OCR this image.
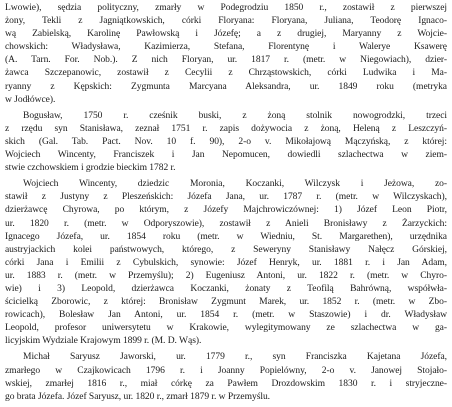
Lwowie), sędzia polityczny, zmarły w Podegrodziu 1850 r., zostawił z pierwszej
żony, Tekli z Jagniątkowskich, córki Floryana: Floryana, Juliana, Teodorę Ignaco-
wą Zabielską, Karolinę Pawłowską i Józefę; a z drugiej, Maryanny z Wojcie-
chowskich: Władysława, Kazimierza, Stefana, Florentynę i Walerye Ksawerę
(A. Tarn. For. Nob.). Z nich Floryan, ur. 1817 r. (metr. w Niegowiach), dzier-
żawca Szczepanowic, zostawił z Cecylii z Chrząstowskich, córki Ludwika i Ma-
ryanny z Kępskich: Zygmunta Marcyana Aleksandra, ur. 1849 roku (metryka
w Jodłówce).
Bogusław, 1750 r. cześnik buski, z żoną stolnik nowogrodzki, trzeci
z rzędu syn Stanisława, zeznał 1751 r. zapis dożywocia z żoną, Heleną z Leszczyń-
skich (Gal. Tab. Pact. Nov. 10 f. 90), 2-o v. Mikołajową Mączyńską, z której:
Wojciech Wincenty, Franciszek i Jan Nepomucen, dowiedli szlachectwa w ziem-
stwie czchowskiem i grodzie bieckim 1782 r.
Wojciech Wincenty, dziedzic Moronia, Koczanki, Wilczysk i Jeżowa, zo-
stawił z Justyny z Pleszeńskich: Józefa Jana, ur. 1787 r. (metr. w Wilczyskach),
dzierżawcę Chyrowa, po którym, z Józefy Majchrowiczównej: 1) Józef Leon Piotr,
ur. 1820 r. (metr. w Odporyszowie), zostawił z Anieli Bronisławy z Żarzyckich:
Ignacego Józefa, ur. 1854 roku (metr. w Wiedniu, St. Margarethen), urzędnika
austryjackich kolei państwowych, którego, z Seweryny Stanisławy Nałęcz Górskiej,
córki Jana i Emilii z Cybulskich, synowie: Józef Henryk, ur. 1881 r. i Jan Adam,
ur. 1883 r. (metr. w Przemyślu); 2) Eugeniusz Antoni, ur. 1822 r. (metr. w Chyro-
wie) i 3) Leopold, dzierżawca Koczanki, żonaty z Teofilą Bahrówną, współwła-
ścicielką Zborowic, z której: Bronisław Zygmunt Marek, ur. 1852 r. (metr. w Zbo-
rowicach), Bolesław Jan Antoni, ur. 1854 r. (metr. w Staszowie) i dr. Władysław
Leopold, profesor uniwersytetu w Krakowie, wylegitymowany ze szlachectwa w ga-
licyjskim Wydziale Krajowym 1899 r. (M. D. Wąs).
Michał Saryusz Jaworski, ur. 1779 r., syn Franciszka Kajetana Józefa,
zmarłego w Czajkowicach 1796 r. i Joanny Popielówny, 2-o v. Janowej Stojało-
wskiej, zmarłej 1816 r., miał córkę za Pawłem Drozdowskim 1830 r. i stryjeczne-
go brata Józefa. Józef Saryusz, ur. 1820 r., zmarł 1879 r. w Przemyślu.
